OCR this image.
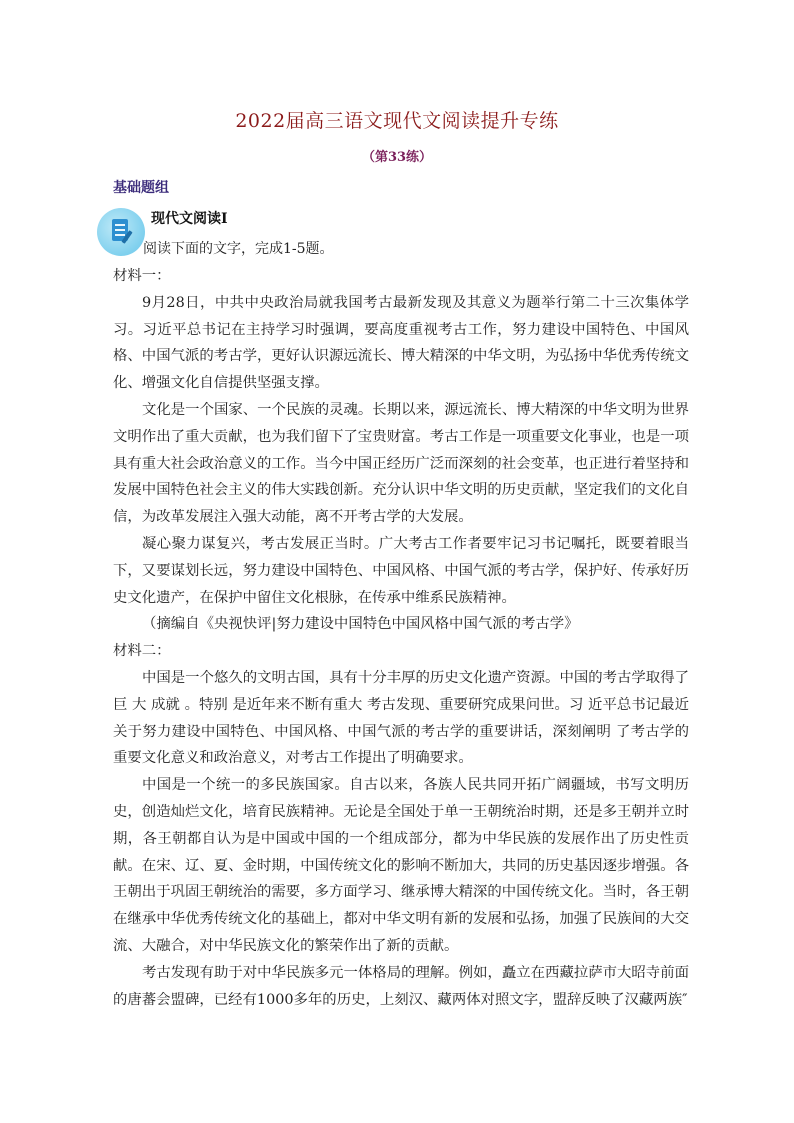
2022届高三语文现代文阅读提升专练
（第33练）
基础题组
现代文阅读Ⅰ
阅读下面的文字，完成1-5题。

材料一：

9月28日，中共中央政治局就我国考古最新发现及其意义为题举行第二十三次集体学习。习近平总书记在主持学习时强调，要高度重视考古工作，努力建设中国特色、中国风格、中国气派的考古学，更好认识源远流长、博大精深的中华文明，为弘扬中华优秀传统文化、增强文化自信提供坚强支撑。

文化是一个国家、一个民族的灵魂。长期以来，源远流长、博大精深的中华文明为世界文明作出了重大贡献，也为我们留下了宝贵财富。考古工作是一项重要文化事业，也是一项具有重大社会政治意义的工作。当今中国正经历广泛而深刻的社会变革，也正进行着坚持和发展中国特色社会主义的伟大实践创新。充分认识中华文明的历史贡献，坚定我们的文化自信，为改革发展注入强大动能，离不开考古学的大发展。

凝心聚力谋复兴，考古发展正当时。广大考古工作者要牢记习书记嘱托，既要着眼当下，又要谋划长远，努力建设中国特色、中国风格、中国气派的考古学，保护好、传承好历史文化遗产，在保护中留住文化根脉，在传承中维系民族精神。

（摘编自《央视快评|努力建设中国特色中国风格中国气派的考古学》

材料二：

中国是一个悠久的文明古国，具有十分丰厚的历史文化遗产资源。中国的考古学取得了巨 大 成就 。特别 是近年来不断有重大 考古发现、重要研究成果问世。习 近平总书记最近关于努力建设中国特色、中国风格、中国气派的考古学的重要讲话，深刻阐明 了考古学的重要文化意义和政治意义，对考古工作提出了明确要求。

中国是一个统一的多民族国家。自古以来，各族人民共同开拓广阔疆域，书写文明历史，创造灿烂文化，培育民族精神。无论是全国处于单一王朝统治时期，还是多王朝并立时期，各王朝都自认为是中国或中国的一个组成部分，都为中华民族的发展作出了历史性贡献。在宋、辽、夏、金时期，中国传统文化的影响不断加大，共同的历史基因逐步增强。各王朝出于巩固王朝统治的需要，多方面学习、继承博大精深的中国传统文化。当时，各王朝在继承中华优秀传统文化的基础上，都对中华文明有新的发展和弘扬，加强了民族间的大交流、大融合，对中华民族文化的繁荣作出了新的贡献。

考古发现有助于对中华民族多元一体格局的理解。例如，矗立在西藏拉萨市大昭寺前面的唐蕃会盟碑，已经有1000多年的历史，上刻汉、藏两体对照文字，盟辞反映了汉藏两族″
